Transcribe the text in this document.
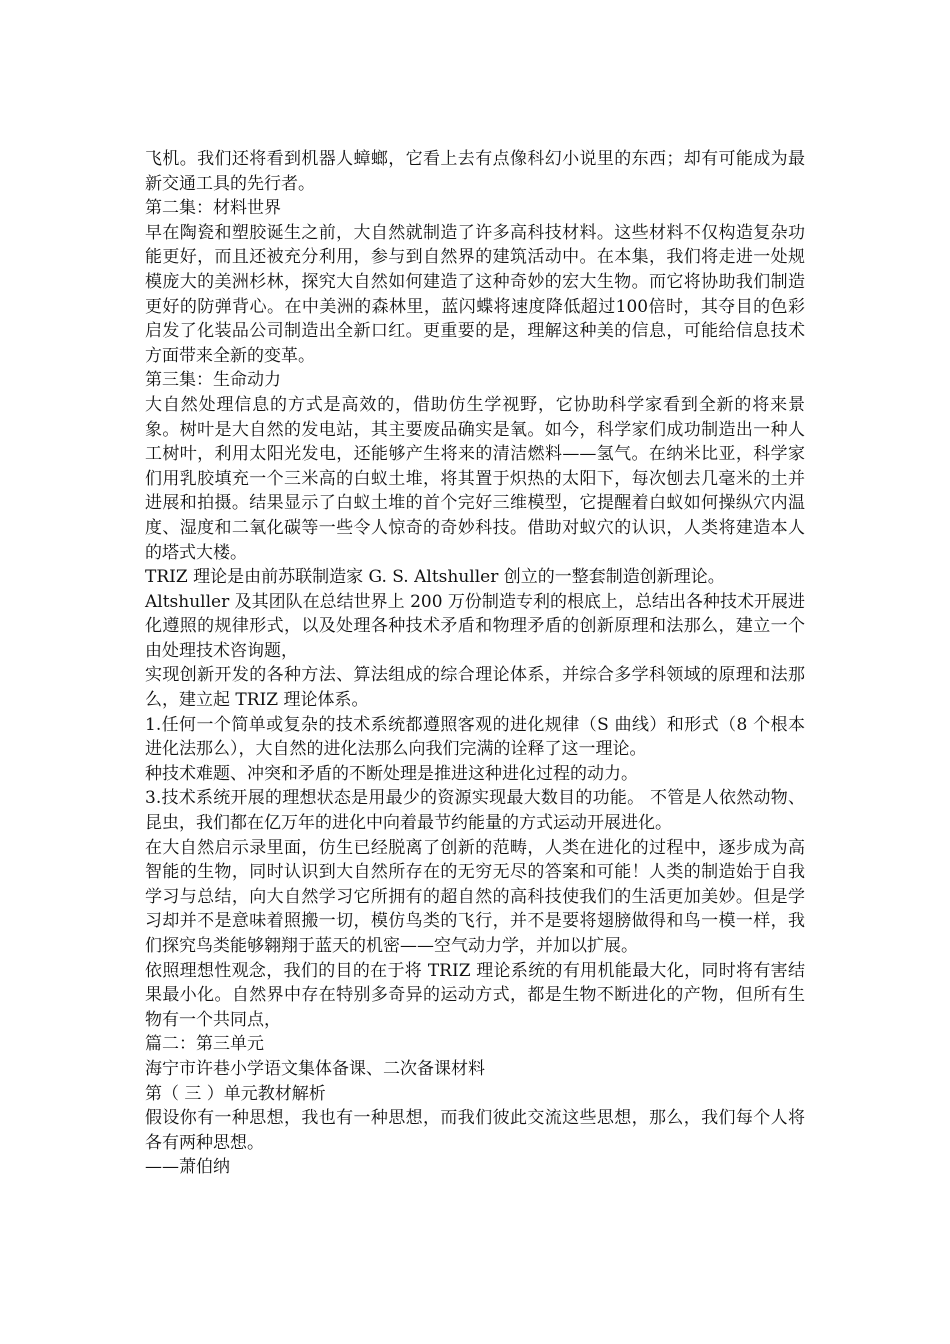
飞机。我们还将看到机器人蟑螂，它看上去有点像科幻小说里的东西；却有可能成为最新交通工具的先行者。

第二集：材料世界

早在陶瓷和塑胶诞生之前，大自然就制造了许多高科技材料。这些材料不仅构造复杂功能更好，而且还被充分利用，参与到自然界的建筑活动中。在本集，我们将走进一处规模庞大的美洲杉林，探究大自然如何建造了这种奇妙的宏大生物。而它将协助我们制造更好的防弹背心。在中美洲的森林里，蓝闪蝶将速度降低超过100倍时，其夺目的色彩启发了化装品公司制造出全新口红。更重要的是，理解这种美的信息，可能给信息技术方面带来全新的变革。

第三集：生命动力

大自然处理信息的方式是高效的，借助仿生学视野，它协助科学家看到全新的将来景象。树叶是大自然的发电站，其主要废品确实是氧。如今，科学家们成功制造出一种人工树叶，利用太阳光发电，还能够产生将来的清洁燃料——氢气。在纳米比亚，科学家们用乳胶填充一个三米高的白蚁土堆，将其置于炽热的太阳下，每次刨去几毫米的土并进展和拍摄。结果显示了白蚁土堆的首个完好三维模型，它提醒着白蚁如何操纵穴内温度、湿度和二氧化碳等一些令人惊奇的奇妙科技。借助对蚁穴的认识，人类将建造本人的塔式大楼。

TRIZ 理论是由前苏联制造家 G. S. Altshuller 创立的一整套制造创新理论。

Altshuller 及其团队在总结世界上 200 万份制造专利的根底上，总结出各种技术开展进化遵照的规律形式，以及处理各种技术矛盾和物理矛盾的创新原理和法那么，建立一个由处理技术咨询题，

实现创新开发的各种方法、算法组成的综合理论体系，并综合多学科领域的原理和法那么，建立起 TRIZ 理论体系。

1.任何一个简单或复杂的技术系统都遵照客观的进化规律（S 曲线）和形式（8 个根本进化法那么），大自然的进化法那么向我们完满的诠释了这一理论。

种技术难题、冲突和矛盾的不断处理是推进这种进化过程的动力。

3.技术系统开展的理想状态是用最少的资源实现最大数目的功能。 不管是人依然动物、昆虫，我们都在亿万年的进化中向着最节约能量的方式运动开展进化。

在大自然启示录里面，仿生已经脱离了创新的范畴，人类在进化的过程中，逐步成为高智能的生物，同时认识到大自然所存在的无穷无尽的答案和可能！人类的制造始于自我学习与总结，向大自然学习它所拥有的超自然的高科技使我们的生活更加美妙。但是学习却并不是意味着照搬一切，模仿鸟类的飞行，并不是要将翅膀做得和鸟一模一样，我们探究鸟类能够翱翔于蓝天的机密——空气动力学，并加以扩展。

依照理想性观念，我们的目的在于将 TRIZ 理论系统的有用机能最大化，同时将有害结果最小化。自然界中存在特别多奇异的运动方式，都是生物不断进化的产物，但所有生物有一个共同点，

篇二：第三单元

海宁市许巷小学语文集体备课、二次备课材料

第（ 三 ）单元教材解析

假设你有一种思想，我也有一种思想，而我们彼此交流这些思想，那么，我们每个人将各有两种思想。

——萧伯纳
